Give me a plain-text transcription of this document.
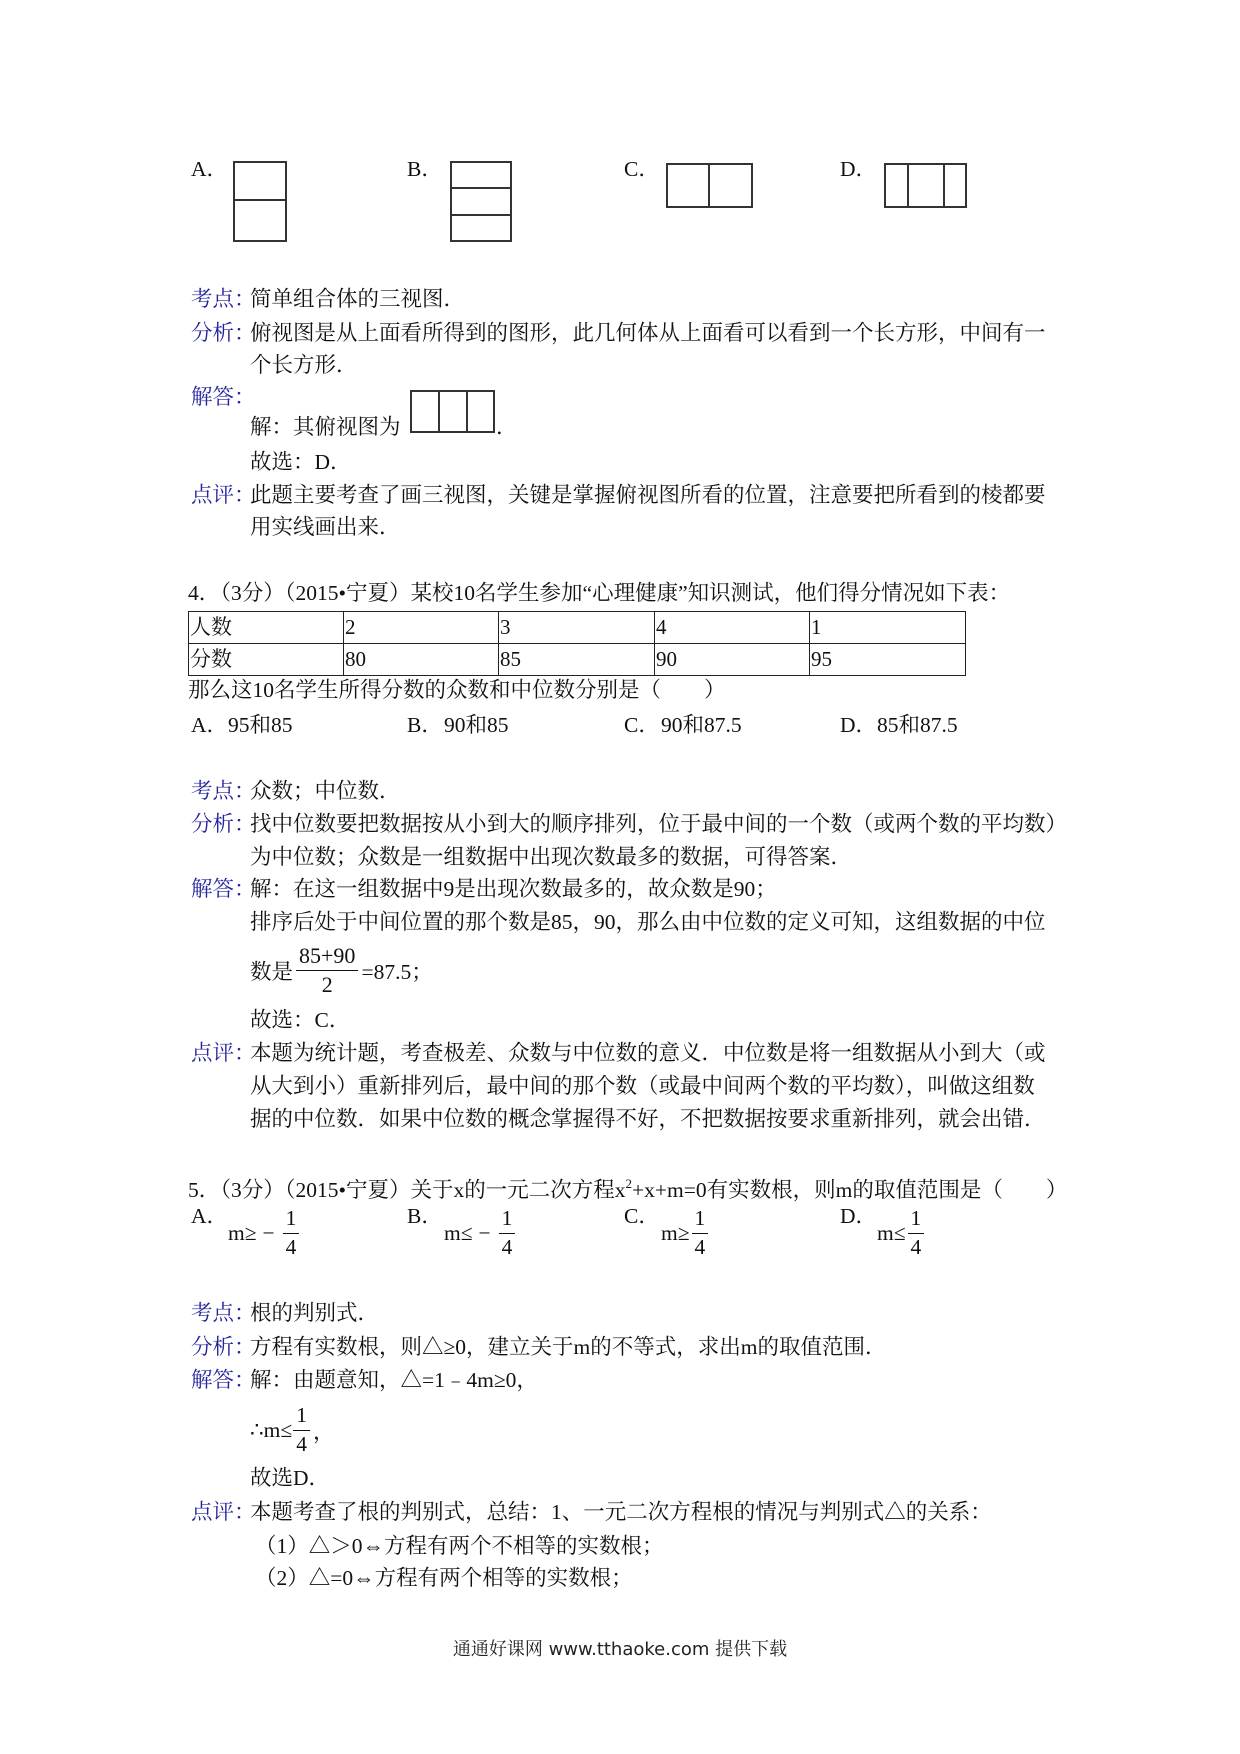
A．	B．	C．	D．
考点：
简单组合体的三视图．
分析：
俯视图是从上面看所得到的图形，此几何体从上面看可以看到一个长方形，中间有一
个长方形．
解答：
解：其俯视图为	．
故选：D．
点评：
此题主要考查了画三视图，关键是掌握俯视图所看的位置，注意要把所看到的棱都要
用实线画出来．
4．（3分）（2015•宁夏）某校10名学生参加“心理健康”知识测试，他们得分情况如下表：
人数	2	3	4	1
分数	80	85	90	95
那么这10名学生所得分数的众数和中位数分别是（　　）
A． 95和85	B． 90和85	C． 90和87.5	D． 85和87.5
考点：
众数；中位数．
分析：
找中位数要把数据按从小到大的顺序排列，位于最中间的一个数（或两个数的平均数）
为中位数；众数是一组数据中出现次数最多的数据，可得答案．
解答：
解：在这一组数据中9是出现次数最多的，故众数是90；
排序后处于中间位置的那个数是85，90，那么由中位数的定义可知，这组数据的中位
数是 $\frac{85+90}{2} =87.5$；
故选：C．
点评：
本题为统计题，考查极差、众数与中位数的意义．中位数是将一组数据从小到大（或
从大到小）重新排列后，最中间的那个数（或最中间两个数的平均数），叫做这组数
据的中位数．如果中位数的概念掌握得不好，不把数据按要求重新排列，就会出错．
5．（3分）（2015•宁夏）关于x的一元二次方程$x^2+x+m=0$有实数根，则m的取值范围是（　　）
A．
$m\ge - \frac{1}{4}$	B．
$m\le - \frac{1}{4}$	C．
$m\ge \frac{1}{4}$	D．
$m\le \frac{1}{4}$
考点：
根的判别式．
分析：
方程有实数根，则△≥0，建立关于m的不等式，求出m的取值范围．
解答：
解：由题意知，△=1﹣4m≥0，
∴m≤ $\frac{1}{4}$ ，
故选D．
点评：
本题考查了根的判别式，总结：1、一元二次方程根的情况与判别式△的关系：
（1）△＞0⇔方程有两个不相等的实数根；
（2）△=0⇔方程有两个相等的实数根；
通通好课网 www.tthaoke.com 提供下载
